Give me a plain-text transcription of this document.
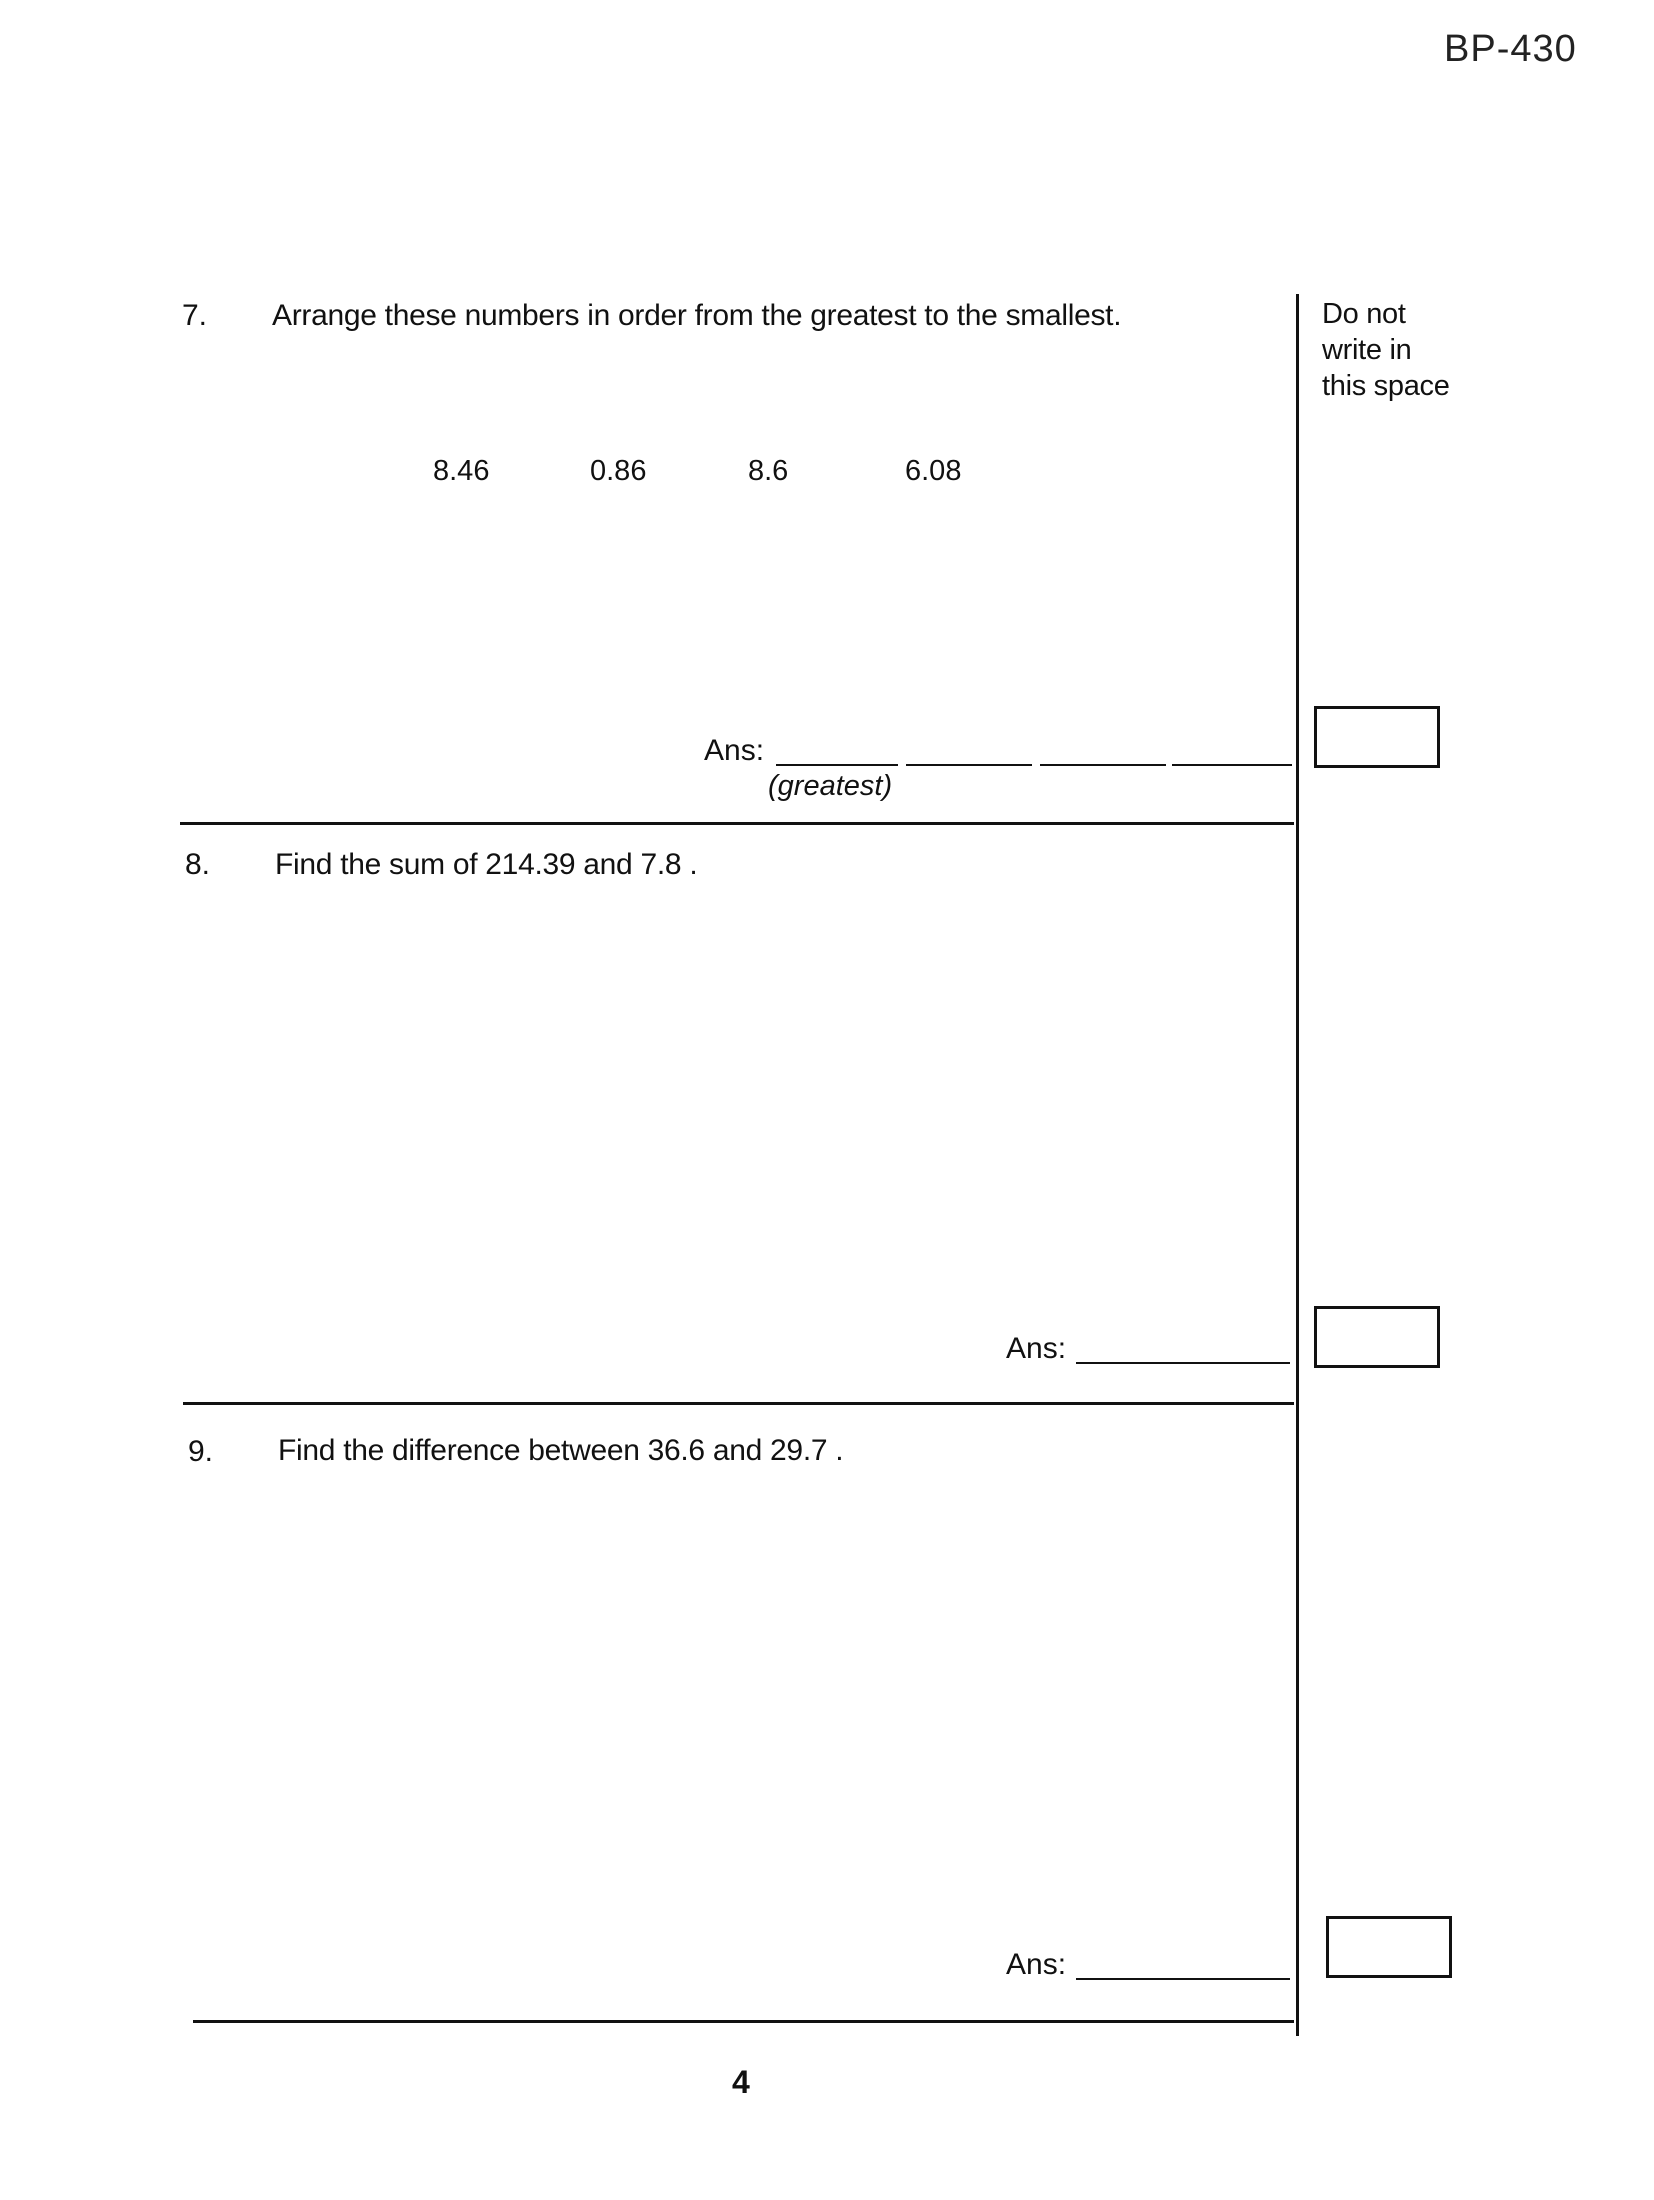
BP-430
Do not
write in
this space
7. Arrange these numbers in order from the greatest to the smallest.
8.46	0.86	8.6	6.08
Ans:
(greatest)
8. Find the sum of 214.39 and 7.8 .
Ans:
9. Find the difference between 36.6 and 29.7 .
Ans:
4
